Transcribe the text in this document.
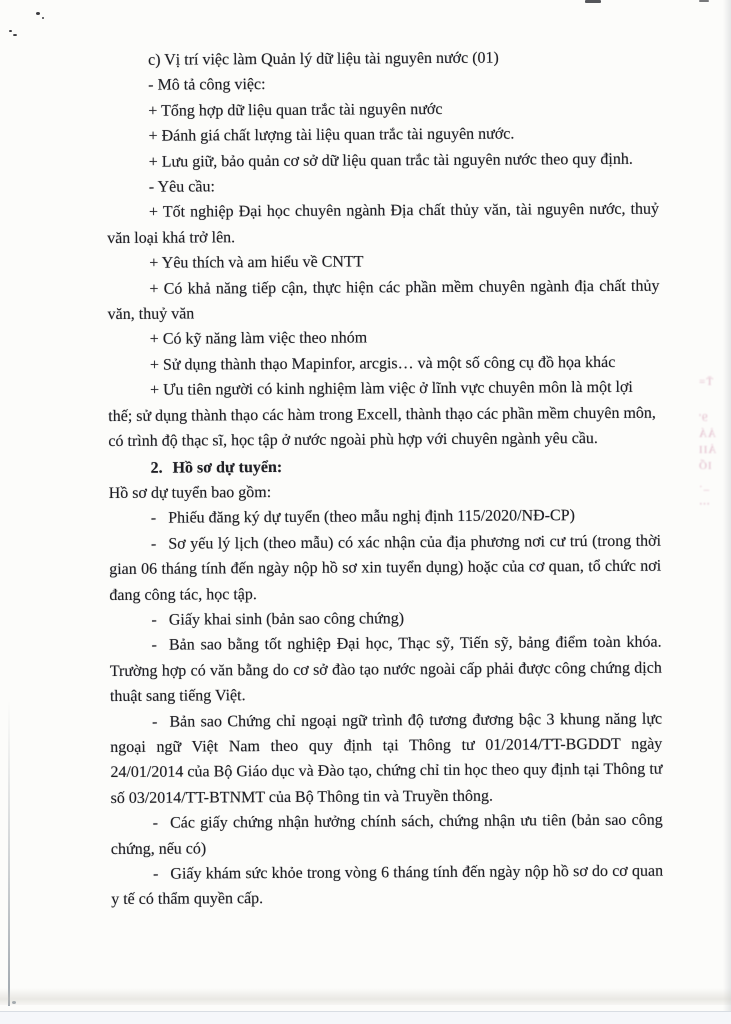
c) Vị trí việc làm Quản lý dữ liệu tài nguyên nước (01)

- Mô tả công việc:

+ Tổng hợp dữ liệu quan trắc tài nguyên nước

+ Đánh giá chất lượng tài liệu quan trắc tài nguyên nước.

+ Lưu giữ, bảo quản cơ sở dữ liệu quan trắc tài nguyên nước theo quy định.

- Yêu cầu:

+ Tốt nghiệp Đại học chuyên ngành Địa chất thủy văn, tài nguyên nước, thuỷ văn loại khá trở lên.

+ Yêu thích và am hiểu về CNTT

+ Có khả năng tiếp cận, thực hiện các phần mềm chuyên ngành địa chất thủy văn, thuỷ văn

+ Có kỹ năng làm việc theo nhóm

+ Sử dụng thành thạo Mapinfor, arcgis… và một số công cụ đồ họa khác

+ Ưu tiên người có kinh nghiệm làm việc ở lĩnh vực chuyên môn là một lợi thế; sử dụng thành thạo các hàm trong Excell, thành thạo các phần mềm chuyên môn, có trình độ thạc sĩ, học tập ở nước ngoài phù hợp với chuyên ngành yêu cầu.

2. Hồ sơ dự tuyển:

Hồ sơ dự tuyển bao gồm:

- Phiếu đăng ký dự tuyển (theo mẫu nghị định 115/2020/NĐ-CP)

- Sơ yếu lý lịch (theo mẫu) có xác nhận của địa phương nơi cư trú (trong thời gian 06 tháng tính đến ngày nộp hồ sơ xin tuyển dụng) hoặc của cơ quan, tổ chức nơi đang công tác, học tập.

- Giấy khai sinh (bản sao công chứng)

- Bản sao bằng tốt nghiệp Đại học, Thạc sỹ, Tiến sỹ, bảng điểm toàn khóa. Trường hợp có văn bằng do cơ sở đào tạo nước ngoài cấp phải được công chứng dịch thuật sang tiếng Việt.

- Bản sao Chứng chỉ ngoại ngữ trình độ tương đương bậc 3 khung năng lực ngoại ngữ Việt Nam theo quy định tại Thông tư 01/2014/TT-BGDDT ngày 24/01/2014 của Bộ Giáo dục và Đào tạo, chứng chỉ tin học theo quy định tại Thông tư số 03/2014/TT-BTNMT của Bộ Thông tin và Truyền thông.

- Các giấy chứng nhận hưởng chính sách, chứng nhận ưu tiên (bản sao công chứng, nếu có)

- Giấy khám sức khỏe trong vòng 6 tháng tính đến ngày nộp hồ sơ do cơ quan y tế có thẩm quyền cấp.

T̄=
9'
ẢÁ
ẢII
IỔ
–˙
⋯
